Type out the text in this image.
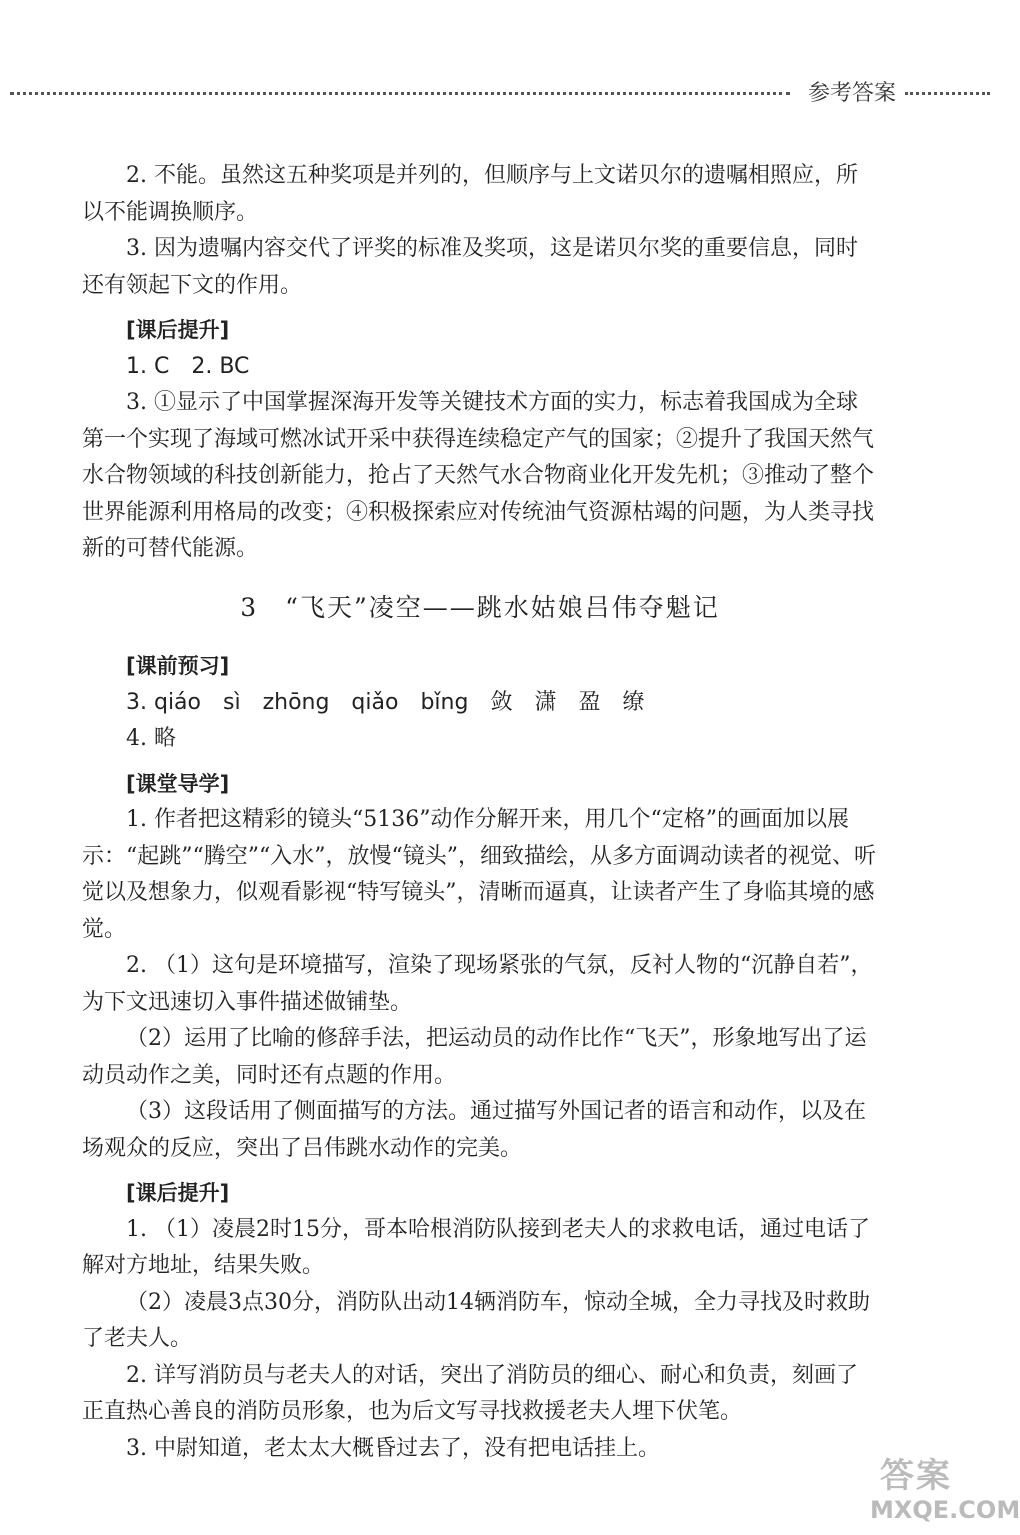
参考答案

2. 不能。虽然这五种奖项是并列的，但顺序与上文诺贝尔的遗嘱相照应，所以不能调换顺序。

3. 因为遗嘱内容交代了评奖的标准及奖项，这是诺贝尔奖的重要信息，同时还有领起下文的作用。

[课后提升]

1. C　2. BC

3. ①显示了中国掌握深海开发等关键技术方面的实力，标志着我国成为全球第一个实现了海域可燃冰试开采中获得连续稳定产气的国家；②提升了我国天然气水合物领域的科技创新能力，抢占了天然气水合物商业化开发先机；③推动了整个世界能源利用格局的改变；④积极探索应对传统油气资源枯竭的问题，为人类寻找新的可替代能源。

3　“飞天”凌空——跳水姑娘吕伟夺魁记
[课前预习]

3. qiáo　sì　zhōng　qiǎo　bǐng　敛　潇　盈　缭

4. 略

[课堂导学]

1. 作者把这精彩的镜头“5136”动作分解开来，用几个“定格”的画面加以展示：“起跳”“腾空”“入水”，放慢“镜头”，细致描绘，从多方面调动读者的视觉、听觉以及想象力，似观看影视“特写镜头”，清晰而逼真，让读者产生了身临其境的感觉。

2. （1）这句是环境描写，渲染了现场紧张的气氛，反衬人物的“沉静自若”，为下文迅速切入事件描述做铺垫。

（2）运用了比喻的修辞手法，把运动员的动作比作“飞天”，形象地写出了运动员动作之美，同时还有点题的作用。

（3）这段话用了侧面描写的方法。通过描写外国记者的语言和动作，以及在场观众的反应，突出了吕伟跳水动作的完美。

[课后提升]

1. （1）凌晨2时15分，哥本哈根消防队接到老夫人的求救电话，通过电话了解对方地址，结果失败。

（2）凌晨3点30分，消防队出动14辆消防车，惊动全城，全力寻找及时救助了老夫人。

2. 详写消防员与老夫人的对话，突出了消防员的细心、耐心和负责，刻画了正直热心善良的消防员形象，也为后文写寻找救援老夫人埋下伏笔。

3. 中尉知道，老太太大概昏过去了，没有把电话挂上。

答案
MXQE.COM
